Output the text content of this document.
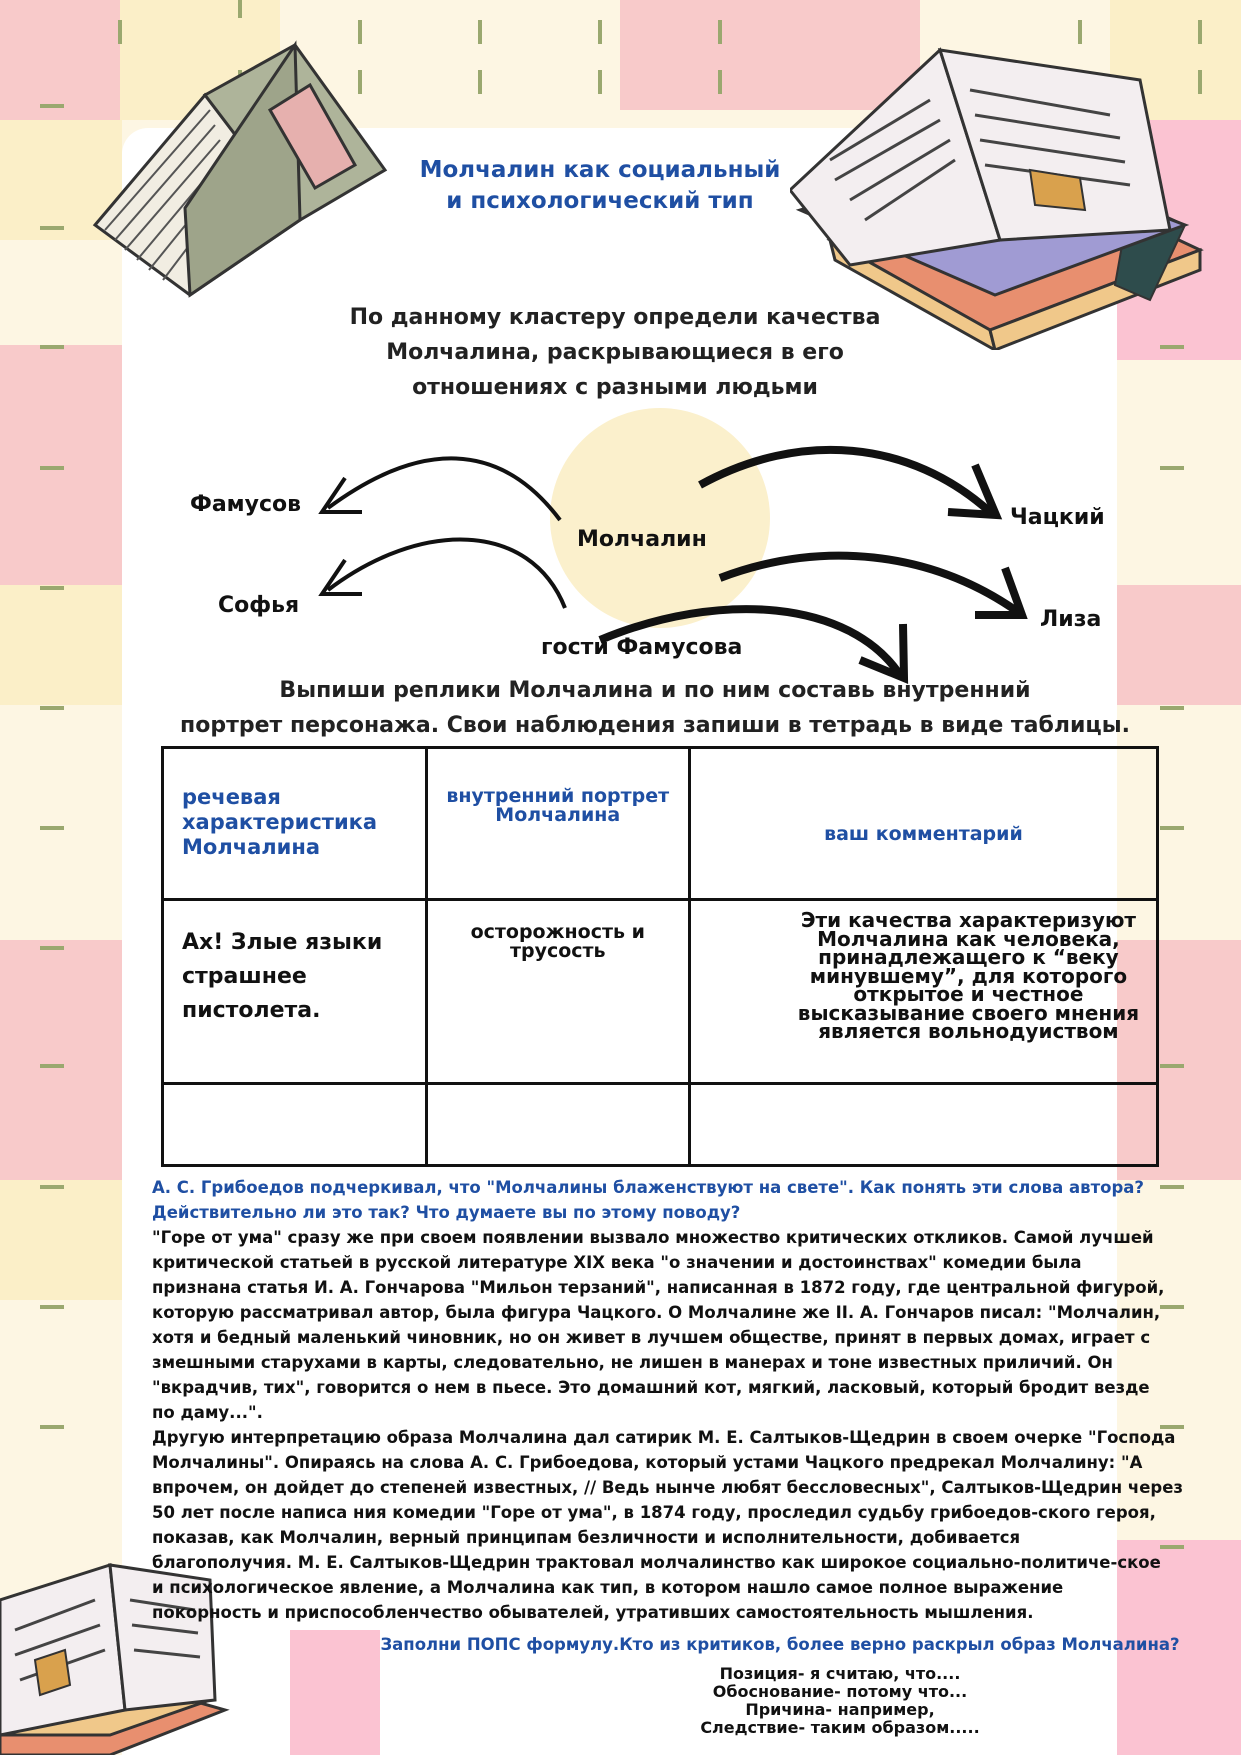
Молчалин как социальный
и психологический тип
По данному кластеру определи качества
Молчалина, раскрывающиеся в его
отношениях с разными людьми
Фамусов
Софья
Молчалин
Чацкий
Лиза
гости Фамусова
Выпиши реплики Молчалина и по ним составь внутренний
портрет персонажа. Свои наблюдения запиши в тетрадь в виде таблицы.
речевая характеристика Молчалина	внутренний портрет Молчалина	ваш комментарий

Ах! Злые языки страшнее пистолета.	осторожность и трусость	Эти качества характеризуют Молчалина как человека, принадлежащего к “веку минувшему”, для которого открытое и честное высказывание своего мнения является вольнодуиствoм

А. С. Грибоедов подчеркивал, что "Молчалины блаженствуют на свете". Как понять эти слова автора?
Действительно ли это так? Что думаете вы по этому поводу?
"Горе от ума" сразу же при своем появлении вызвало множество критических откликов. Самой лучшей
критической статьей в русской литературе XIX века "о значении и достоинствах" комедии была
признана статья И. А. Гончарова "Мильон терзаний", написанная в 1872 году, где центральной фигурой,
которую рассматривал автор, была фигура Чацкого. О Молчалине же II. А. Гончаров писал: "Молчалин,
хотя и бедный маленький чиновник, но он живет в лучшем обществе, принят в первых домах, играет с
змешными старухами в карты, следовательно, не лишен в манерах и тоне известных приличий. Он
"вкрадчив, тих", говорится о нем в пьесе. Это домашний кот, мягкий, ласковый, который бродит везде
по даму...".
Другую интерпретацию образа Молчалина дал сатирик М. Е. Салтыков-Щедрин в своем очерке "Господа
Молчалины". Опираясь на слова А. С. Грибоедова, который устами Чацкого предрекал Молчалину: "А
впрочем, он дойдет до степеней известных, // Ведь нынче любят бессловесных", Салтыков-Щедрин через
50 лет после написа ния комедии "Горе от ума", в 1874 году, проследил судьбу грибоедов-ского героя,
показав, как Молчалин, верный принципам безличности и исполнительности, добивается
благополучия. М. Е. Салтыков-Щедрин трактовал молчалинство как широкое социально-политиче-ское
и психологическое явление, а Молчалина как тип, в котором нашло самое полное выражение
покорность и приспособленчество обывателей, утративших самостоятельность мышления.
Заполни ПОПС формулу.Кто из критиков, более верно раскрыл образ Молчалина?
Позиция- я считаю, что....
Обоснование- потому что...
Причина- например,
Следствие- таким образом.....
